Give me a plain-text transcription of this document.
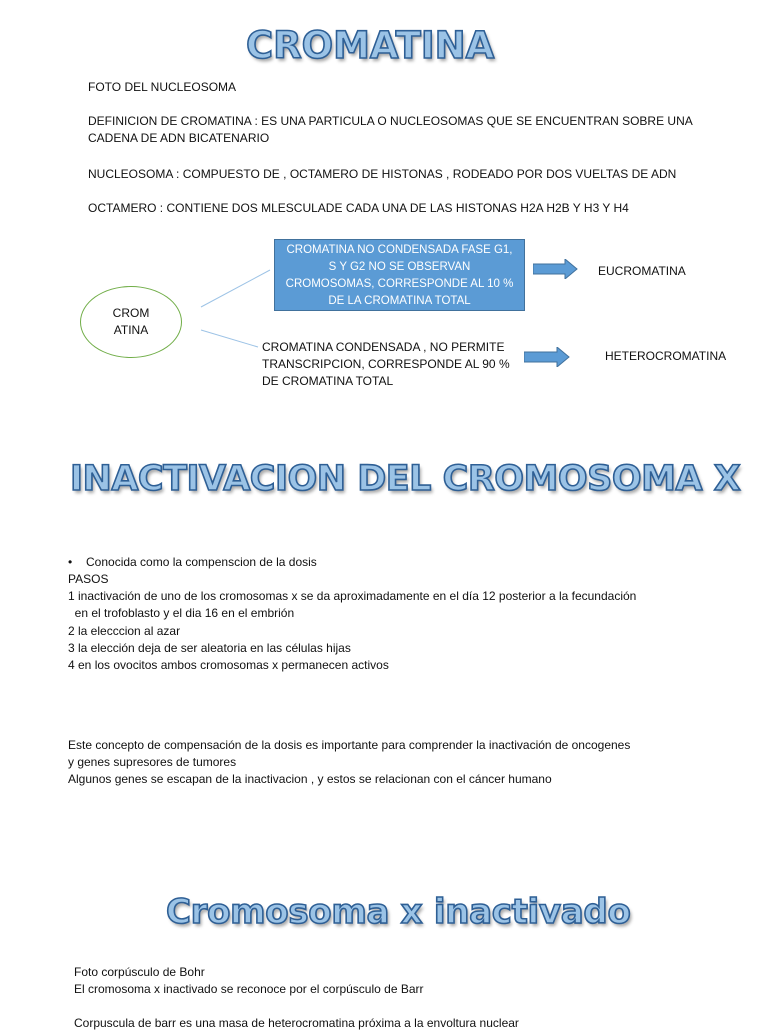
CROMATINA

FOTO DEL NUCLEOSOMA

DEFINICION DE CROMATINA : ES UNA PARTICULA O NUCLEOSOMAS QUE SE ENCUENTRAN SOBRE UNA

CADENA DE ADN BICATENARIO

NUCLEOSOMA : COMPUESTO DE , OCTAMERO DE HISTONAS , RODEADO POR DOS VUELTAS DE ADN

OCTAMERO : CONTIENE DOS MLESCULADE CADA UNA DE LAS HISTONAS H2A H2B Y H3 Y H4

CROM
ATINA
CROMATINA NO CONDENSADA FASE G1,
S Y G2 NO SE OBSERVAN
CROMOSOMAS, CORRESPONDE AL 10 %
DE LA CROMATINA TOTAL

EUCROMATINA

CROMATINA CONDENSADA , NO PERMITE

TRANSCRIPCION, CORRESPONDE AL 90 %

DE CROMATINA TOTAL

HETEROCROMATINA

INACTIVACION DEL CROMOSOMA X

• Conocida como la compenscion de la dosis

PASOS

1 inactivación de uno de los cromosomas x se da aproximadamente en el día 12 posterior a la fecundación

en el trofoblasto y el dia 16 en el embrión

2 la elecccion al azar

3 la elección deja de ser aleatoria en las células hijas

4 en los ovocitos ambos cromosomas x permanecen activos

Este concepto de compensación de la dosis es importante para comprender la inactivación de oncogenes

y genes supresores de tumores

Algunos genes se escapan de la inactivacion , y estos se relacionan con el cáncer humano

Cromosoma x inactivado

Foto corpúsculo de Bohr

El cromosoma x inactivado se reconoce por el corpúsculo de Barr

Corpuscula de barr es una masa de heterocromatina próxima a la envoltura nuclear
